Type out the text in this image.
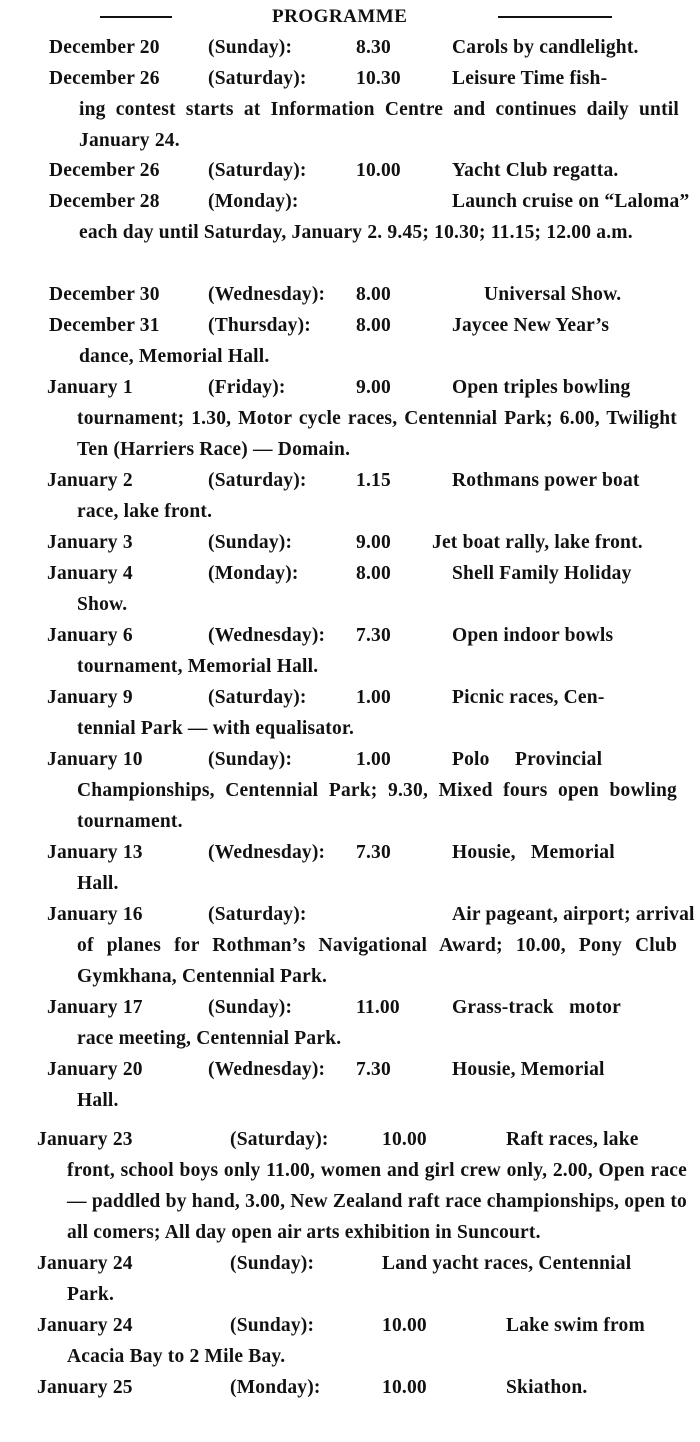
PROGRAMME
December 20 (Sunday):	8.30	Carols by candlelight.
December 26 (Saturday):	10.30	Leisure Time fish-
ing contest starts at Information Centre and continues daily until January 24.
December 26 (Saturday):	10.00	Yacht Club regatta.
December 28 (Monday):	Launch cruise on “Laloma”
each day until Saturday, January 2. 9.45; 10.30; 11.15; 12.00 a.m.
December 30 (Wednesday): 8.00	Universal Show.
December 31 (Thursday): 8.00	Jaycee New Year’s
dance, Memorial Hall.
January 1	(Friday):	9.00	Open triples bowling
tournament; 1.30, Motor cycle races, Centennial Park; 6.00, Twilight Ten (Harriers Race) — Domain.
January 2	(Saturday):	1.15	Rothmans power boat
race, lake front.
January 3	(Sunday):	9.00 Jet boat rally, lake front.
January 4	(Monday):	8.00	Shell Family Holiday
Show.
January 6	(Wednesday): 7.30	Open indoor bowls
tournament, Memorial Hall.
January 9	(Saturday):	1.00	Picnic races, Cen-
tennial Park — with equalisator.
January 10	(Sunday):	1.00	Polo     Provincial
Championships, Centennial Park; 9.30, Mixed fours open bowling tournament.
January 13	(Wednesday): 7.30	Housie,   Memorial
Hall.
January 16	(Saturday):	Air pageant, airport; arrival
of planes for Rothman’s Navigational Award; 10.00, Pony Club Gymkhana, Centennial Park.
January 17	(Sunday):	11.00	Grass-track   motor
race meeting, Centennial Park.
January 20	(Wednesday): 7.30	Housie, Memorial
Hall.
January 23	(Saturday):	10.00	Raft races, lake
front, school boys only 11.00, women and girl crew only, 2.00, Open race — paddled by hand, 3.00, New Zealand raft race championships, open to all comers; All day open air arts exhibition in Suncourt.
January 24	(Sunday):	Land yacht races, Centennial
Park.
January 24	(Sunday):	10.00	Lake swim from
Acacia Bay to 2 Mile Bay.
January 25	(Monday):	10.00	Skiathon.
